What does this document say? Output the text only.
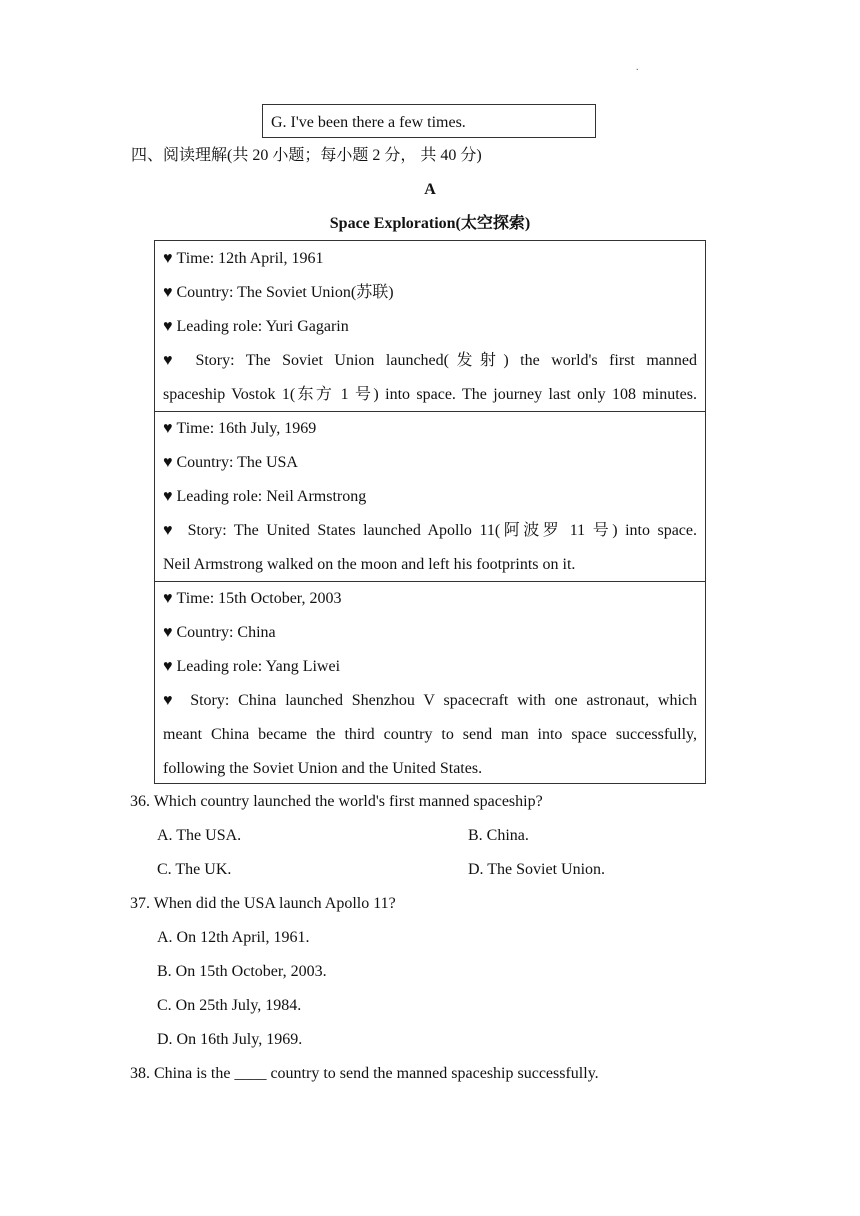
.
G. I've been there a few times.
四、阅读理解(共 20 小题；每小题 2 分， 共 40 分)
A
Space Exploration(太空探索)
♥ Time: 12th April, 1961
♥ Country: The Soviet Union(苏联)
♥ Leading role: Yuri Gagarin
♥ Story: The Soviet Union launched(发射) the world's first manned
spaceship Vostok 1(东方 1 号) into space. The journey last only 108 minutes.
♥ Time: 16th July, 1969
♥ Country: The USA
♥ Leading role: Neil Armstrong
♥ Story: The United States launched Apollo 11(阿波罗 11 号) into space.
Neil Armstrong walked on the moon and left his footprints on it.
♥ Time: 15th October, 2003
♥ Country: China
♥ Leading role: Yang Liwei
♥ Story: China launched Shenzhou V spacecraft with one astronaut, which
meant China became the third country to send man into space successfully,
following the Soviet Union and the United States.
36. Which country launched the world's first manned spaceship?
A. The USA.	B. China.
C. The UK.	D. The Soviet Union.
37. When did the USA launch Apollo 11?
A. On 12th April, 1961.
B. On 15th October, 2003.
C. On 25th July, 1984.
D. On 16th July, 1969.
38. China is the ____ country to send the manned spaceship successfully.
